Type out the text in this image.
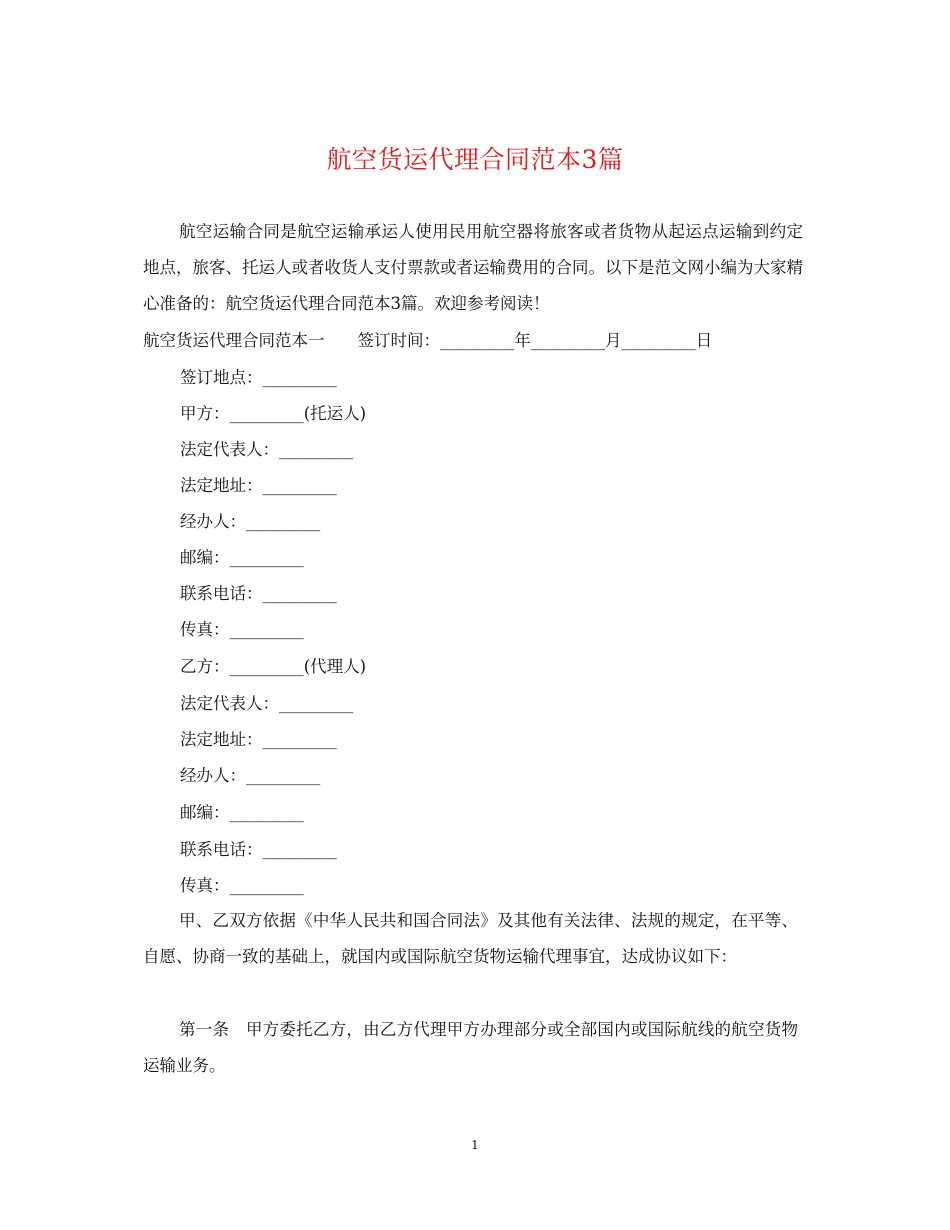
航空货运代理合同范本3篇
航空运输合同是航空运输承运人使用民用航空器将旅客或者货物从起运点运输到约定地点，旅客、托运人或者收货人支付票款或者运输费用的合同。以下是范文网小编为大家精心准备的：航空货运代理合同范本3篇。欢迎参考阅读！
航空货运代理合同范本一　　签订时间：_________年_________月_________日
签订地点：_________
甲方：_________(托运人)
法定代表人：_________
法定地址：_________
经办人：_________
邮编：_________
联系电话：_________
传真：_________
乙方：_________(代理人)
法定代表人：_________
法定地址：_________
经办人：_________
邮编：_________
联系电话：_________
传真：_________
甲、乙双方依据《中华人民共和国合同法》及其他有关法律、法规的规定，在平等、自愿、协商一致的基础上，就国内或国际航空货物运输代理事宜，达成协议如下：
第一条　甲方委托乙方，由乙方代理甲方办理部分或全部国内或国际航线的航空货物运输业务。
1
